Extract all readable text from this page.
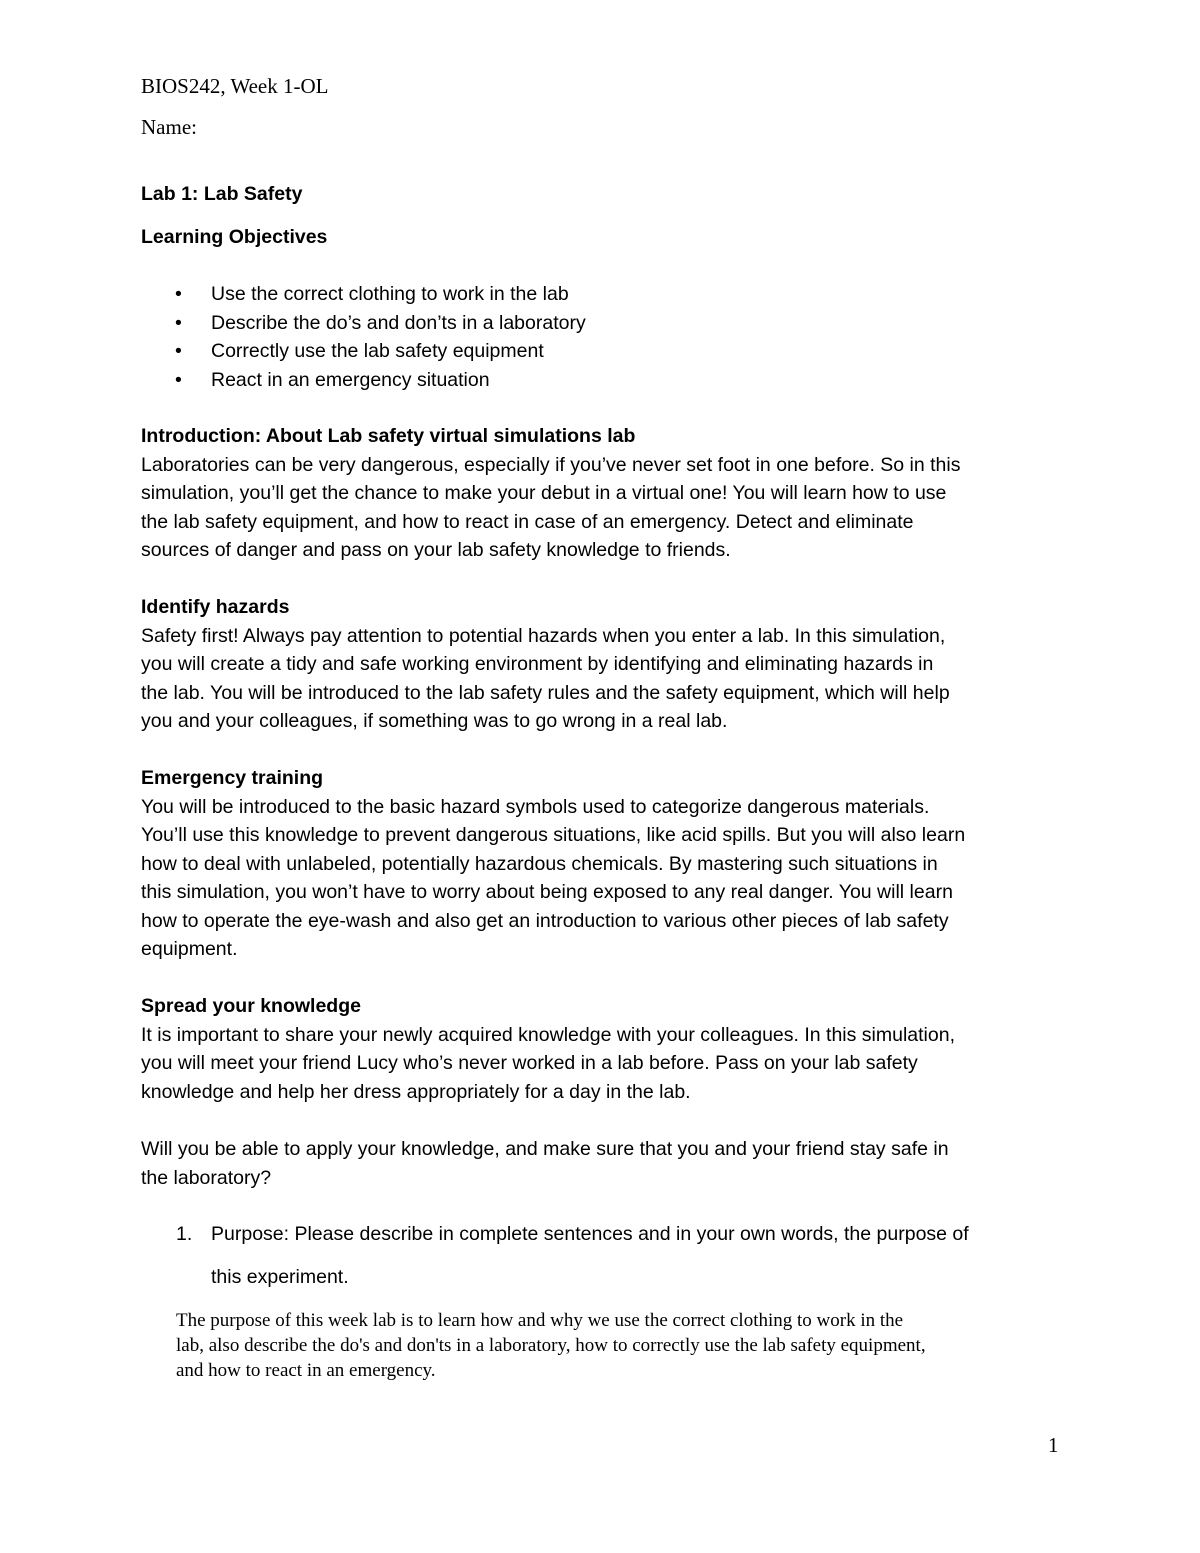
BIOS242, Week 1-OL
Name:
Lab 1: Lab Safety
Learning Objectives
• Use the correct clothing to work in the lab
• Describe the do’s and don’ts in a laboratory
• Correctly use the lab safety equipment
• React in an emergency situation
Introduction: About Lab safety virtual simulations lab
Laboratories can be very dangerous, especially if you’ve never set foot in one before. So in this
simulation, you’ll get the chance to make your debut in a virtual one! You will learn how to use
the lab safety equipment, and how to react in case of an emergency. Detect and eliminate
sources of danger and pass on your lab safety knowledge to friends.
Identify hazards
Safety first! Always pay attention to potential hazards when you enter a lab. In this simulation,
you will create a tidy and safe working environment by identifying and eliminating hazards in
the lab. You will be introduced to the lab safety rules and the safety equipment, which will help
you and your colleagues, if something was to go wrong in a real lab.
Emergency training
You will be introduced to the basic hazard symbols used to categorize dangerous materials.
You’ll use this knowledge to prevent dangerous situations, like acid spills. But you will also learn
how to deal with unlabeled, potentially hazardous chemicals. By mastering such situations in
this simulation, you won’t have to worry about being exposed to any real danger. You will learn
how to operate the eye-wash and also get an introduction to various other pieces of lab safety
equipment.
Spread your knowledge
It is important to share your newly acquired knowledge with your colleagues. In this simulation,
you will meet your friend Lucy who’s never worked in a lab before. Pass on your lab safety
knowledge and help her dress appropriately for a day in the lab.
Will you be able to apply your knowledge, and make sure that you and your friend stay safe in
the laboratory?
1. Purpose: Please describe in complete sentences and in your own words, the purpose of
this experiment.
The purpose of this week lab is to learn how and why we use the correct clothing to work in the
lab, also describe the do's and don'ts in a laboratory, how to correctly use the lab safety equipment,
and how to react in an emergency.
1
